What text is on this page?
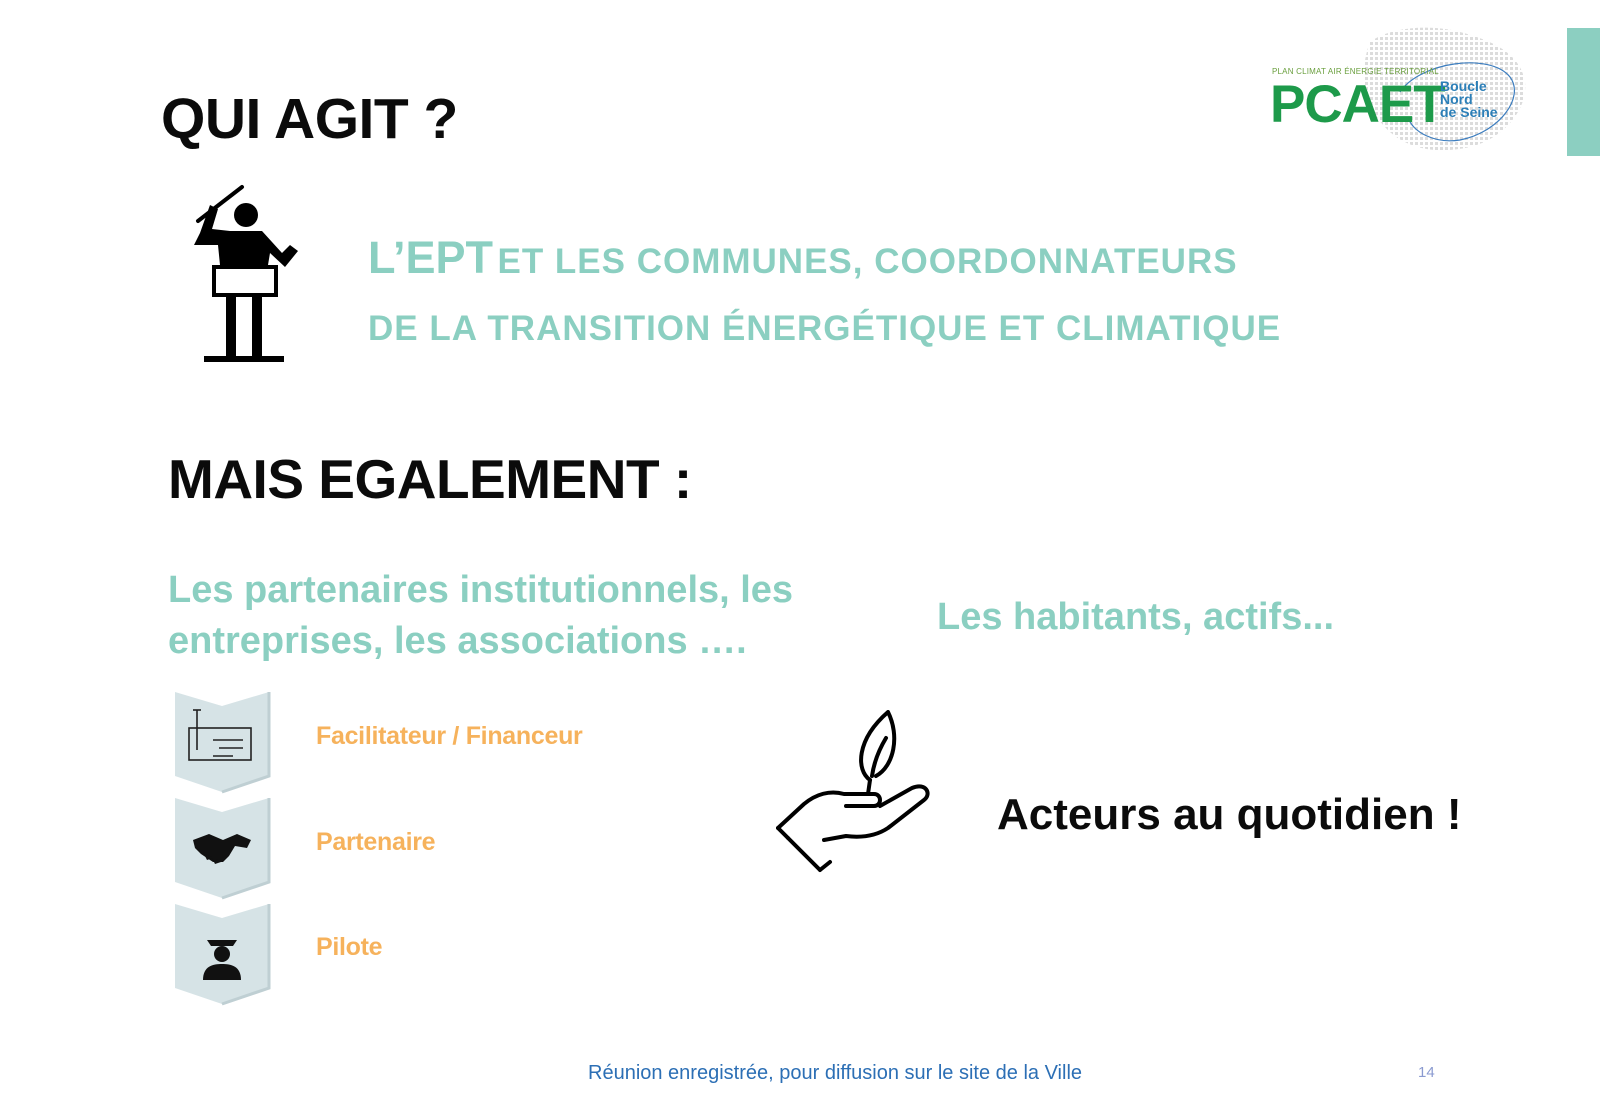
PLAN CLIMAT AIR ÉNERGIE TERRITORIAL
PCAET
Boucle
Nord
de Seine
QUI AGIT ?
L’EPT ET LES COMMUNES, COORDONNATEURS
DE LA TRANSITION ÉNERGÉTIQUE ET CLIMATIQUE
MAIS EGALEMENT :
Les partenaires institutionnels, les
entreprises, les associations ….
Les habitants, actifs...
Facilitateur / Financeur
Partenaire
Pilote
Acteurs au quotidien !
Réunion enregistrée, pour diffusion sur le site de la Ville	14
